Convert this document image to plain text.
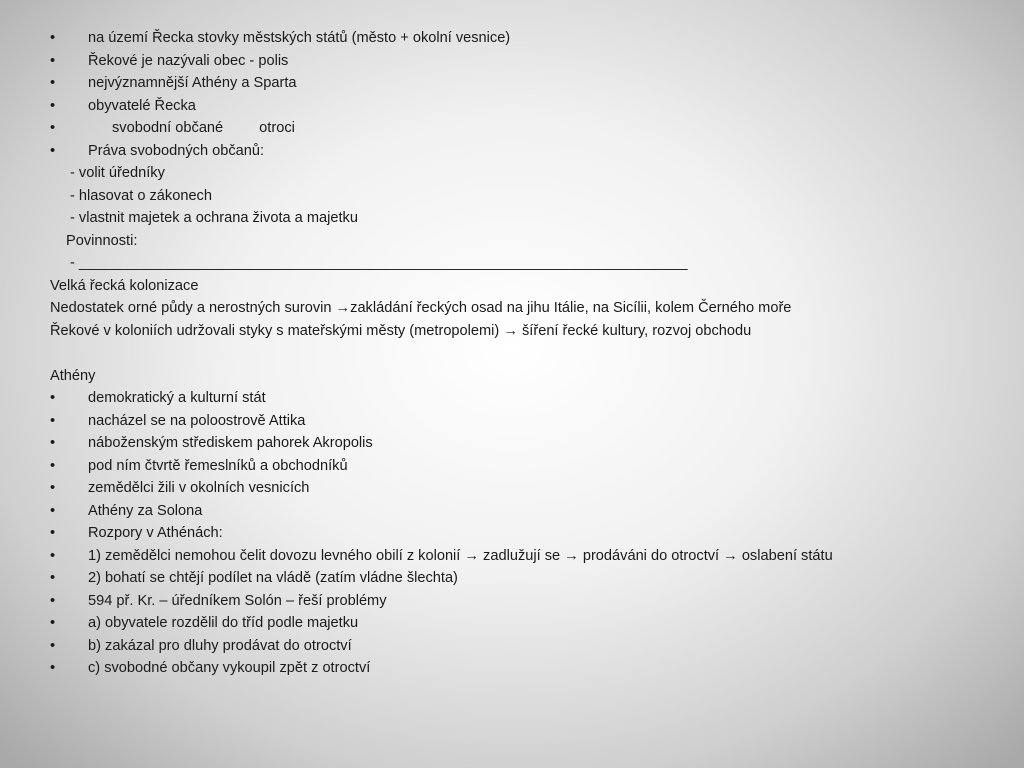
•	na území Řecka stovky městských států (město + okolní vesnice)
•	Řekové je nazývali obec - polis
•	nejvýznamnější Athény a Sparta
•	obyvatelé Řecka
•	svobodní občané otroci
•	Práva svobodných občanů:
- volit úředníky
- hlasovat o zákonech
- vlastnit majetek a ochrana života a majetku
Povinnosti:
- ___________________________________________________________________________
Velká řecká kolonizace
Nedostatek orné půdy a nerostných surovin →zakládání řeckých osad na jihu Itálie, na Sicílii, kolem Černého moře
Řekové v koloniích udržovali styky s mateřskými městy (metropolemi) → šíření řecké kultury, rozvoj obchodu
Athény
•	demokratický a kulturní stát
•	nacházel se na poloostrově Attika
•	náboženským střediskem pahorek Akropolis
•	pod ním čtvrtě řemeslníků a obchodníků
•	zemědělci žili v okolních vesnicích
•	Athény za Solona
•	Rozpory v Athénách:
•	1) zemědělci nemohou čelit dovozu levného obilí z kolonií → zadlužují se → prodáváni do otroctví → oslabení státu
•	2) bohatí se chtějí podílet na vládě (zatím vládne šlechta)
•	594 př. Kr. – úředníkem Solón – řeší problémy
•	a) obyvatele rozdělil do tříd podle majetku
•	b) zakázal pro dluhy prodávat do otroctví
•	c) svobodné občany vykoupil zpět z otroctví
